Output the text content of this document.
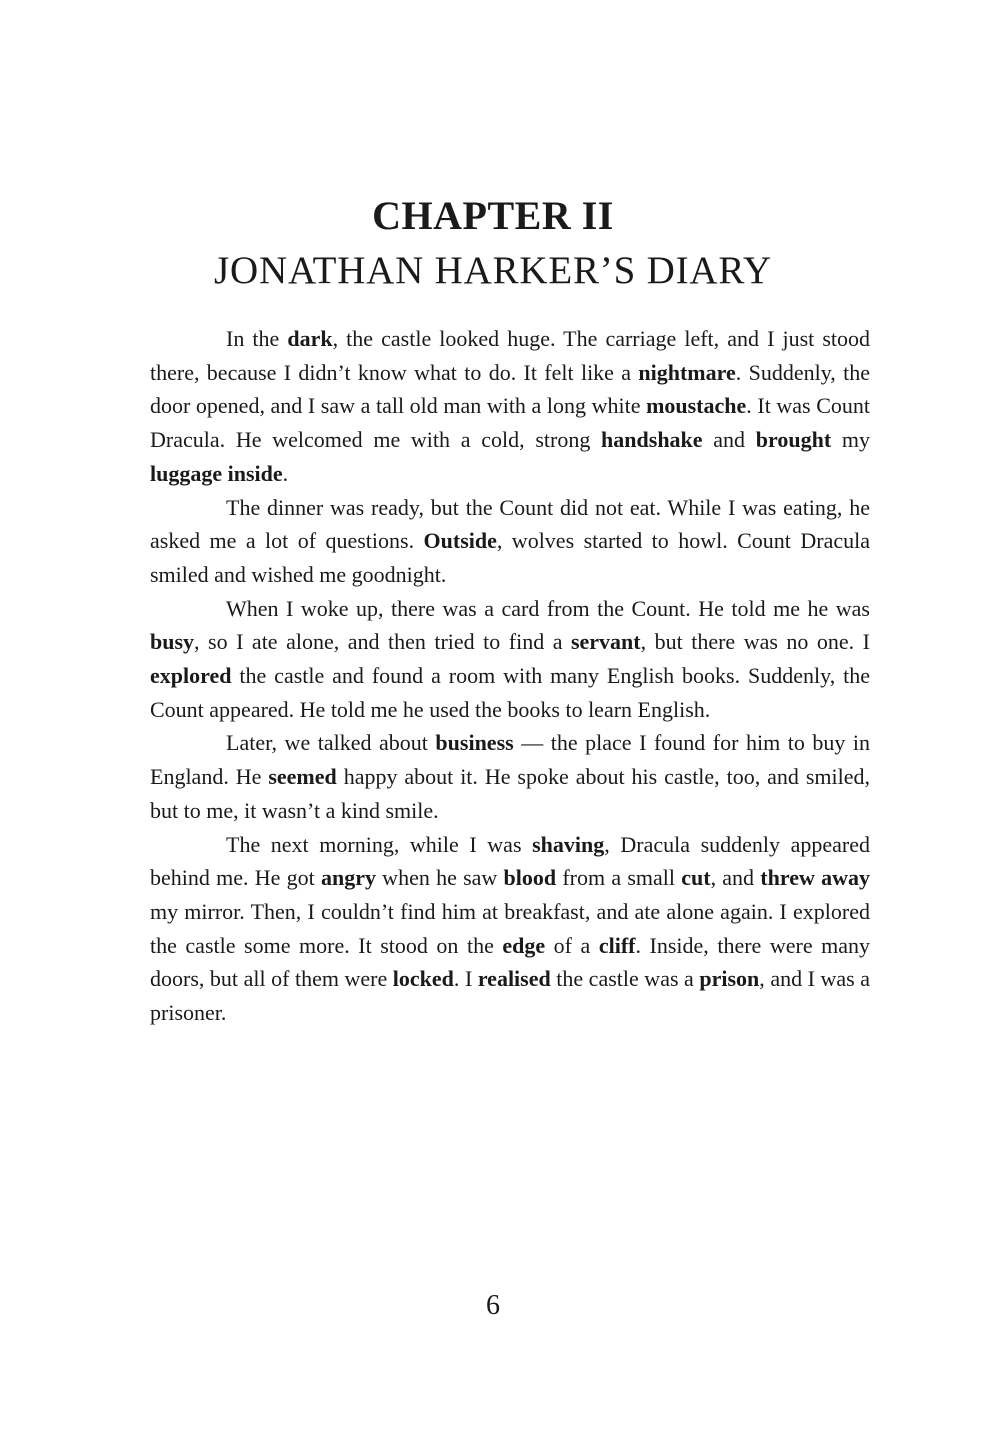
CHAPTER II
JONATHAN HARKER’S DIARY

In the dark, the castle looked huge. The carriage left, and I just stood there, because I didn’t know what to do. It felt like a nightmare. Suddenly, the door opened, and I saw a tall old man with a long white moustache. It was Count Dracula. He welcomed me with a cold, strong handshake and brought my luggage inside.

The dinner was ready, but the Count did not eat. While I was eating, he asked me a lot of questions. Outside, wolves started to howl. Count Dracula smiled and wished me goodnight.

When I woke up, there was a card from the Count. He told me he was busy, so I ate alone, and then tried to find a servant, but there was no one. I explored the castle and found a room with many English books. Suddenly, the Count appeared. He told me he used the books to learn English.

Later, we talked about business — the place I found for him to buy in England. He seemed happy about it. He spoke about his castle, too, and smiled, but to me, it wasn’t a kind smile.

The next morning, while I was shaving, Dracula suddenly appeared behind me. He got angry when he saw blood from a small cut, and threw away my mirror. Then, I couldn’t find him at breakfast, and ate alone again. I explored the castle some more. It stood on the edge of a cliff. Inside, there were many doors, but all of them were locked. I realised the castle was a prison, and I was a prisoner.

6
